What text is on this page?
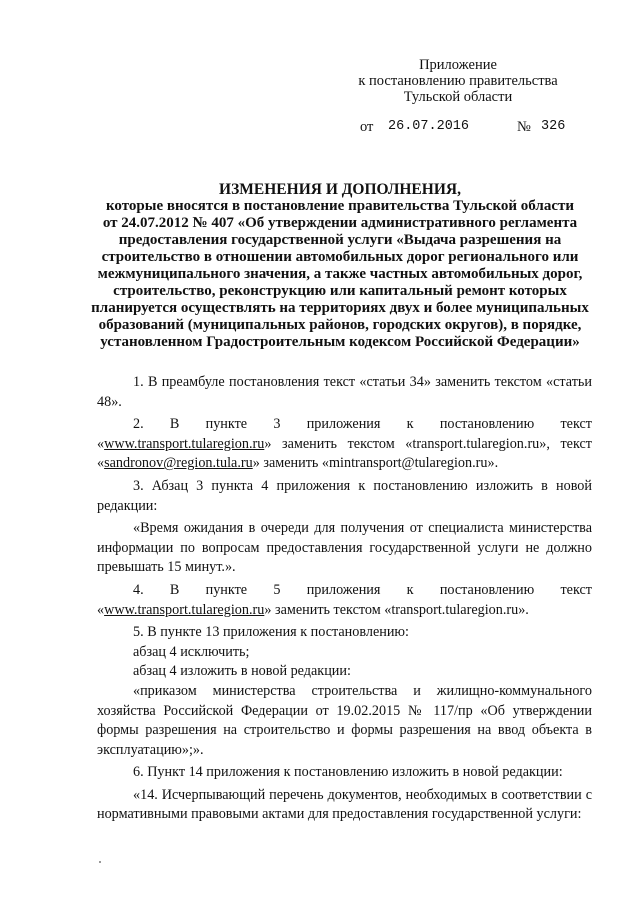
Приложение
к постановлению правительства
Тульской области
от 26.07.2016	№ 326
ИЗМЕНЕНИЯ И ДОПОЛНЕНИЯ,
которые вносятся в постановление правительства Тульской области
от 24.07.2012 № 407 «Об утверждении административного регламента
предоставления государственной услуги «Выдача разрешения на
строительство в отношении автомобильных дорог регионального или
межмуниципального значения, а также частных автомобильных дорог,
строительство, реконструкцию или капитальный ремонт которых
планируется осуществлять на территориях двух и более муниципальных
образований (муниципальных районов, городских округов), в порядке,
установленном Градостроительным кодексом Российской Федерации»

1. В преамбуле постановления текст «статьи 34» заменить текстом «статьи 48».

2. В пункте 3 приложения к постановлению текст «www.transport.tularegion.ru» заменить текстом «transport.tularegion.ru», текст «sandronov@region.tula.ru» заменить «mintransport@tularegion.ru».

3. Абзац 3 пункта 4 приложения к постановлению изложить в новой редакции:

«Время ожидания в очереди для получения от специалиста министерства информации по вопросам предоставления государственной услуги не должно превышать 15 минут.».

4. В пункте 5 приложения к постановлению текст «www.transport.tularegion.ru» заменить текстом «transport.tularegion.ru».

5. В пункте 13 приложения к постановлению:

абзац 4 исключить;

абзац 4 изложить в новой редакции:

«приказом министерства строительства и жилищно-коммунального хозяйства Российской Федерации от 19.02.2015 № 117/пр «Об утверждении формы разрешения на строительство и формы разрешения на ввод объекта в эксплуатацию»;».

6. Пункт 14 приложения к постановлению изложить в новой редакции:

«14. Исчерпывающий перечень документов, необходимых в соответствии с нормативными правовыми актами для предоставления государственной услуги:
